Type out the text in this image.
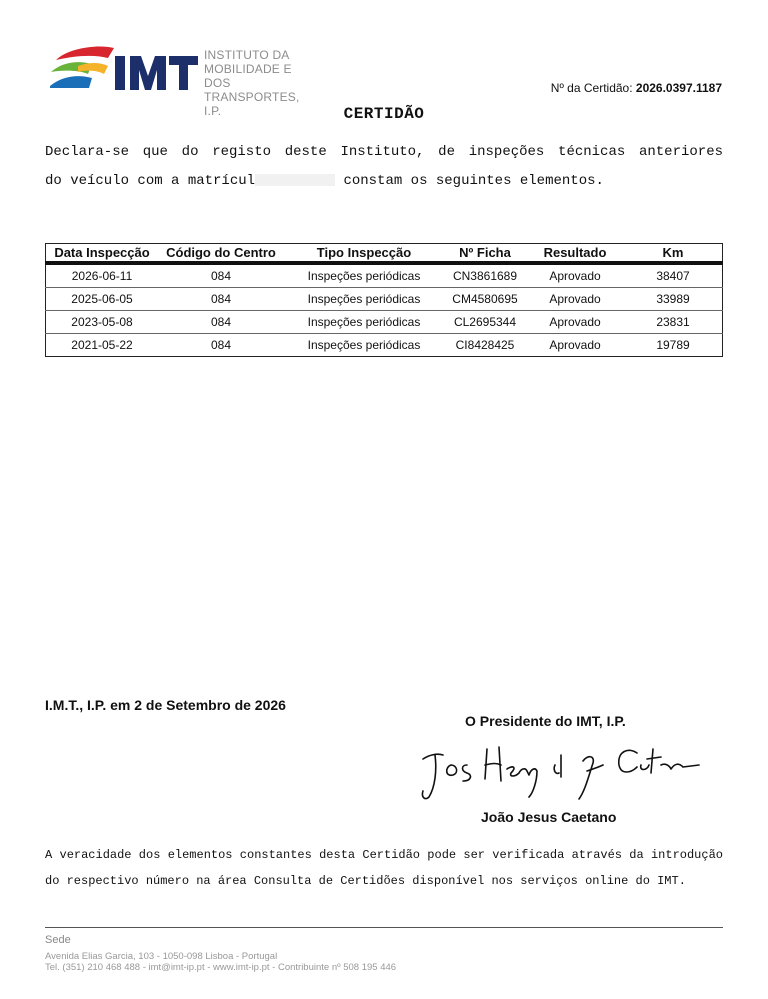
INSTITUTO DA
MOBILIDADE E DOS
TRANSPORTES, I.P.
Nº da Certidão: 2026.0397.1187
CERTIDÃO
Declara-se que do registo deste Instituto, de inspeções técnicas anteriores
do veículo com a matrícul	constam os seguintes elementos.
Data Inspecção	Código do Centro	Tipo Inspecção	Nº Ficha	Resultado	Km
2026-06-11	084	Inspeções periódicas	CN3861689	Aprovado	38407
2025-06-05	084	Inspeções periódicas	CM4580695	Aprovado	33989
2023-05-08	084	Inspeções periódicas	CL2695344	Aprovado	23831
2021-05-22	084	Inspeções periódicas	CI8428425	Aprovado	19789
I.M.T., I.P. em 2 de Setembro de 2026
O Presidente do IMT, I.P.
João Jesus Caetano
A veracidade dos elementos constantes desta Certidão pode ser verificada através da introdução do respectivo número na área Consulta de Certidões disponível nos serviços online do IMT.
Sede
Avenida Elias Garcia, 103 - 1050-098 Lisboa - Portugal
Tel. (351) 210 468 488 - imt@imt-ip.pt - www.imt-ip.pt - Contribuinte nº 508 195 446
